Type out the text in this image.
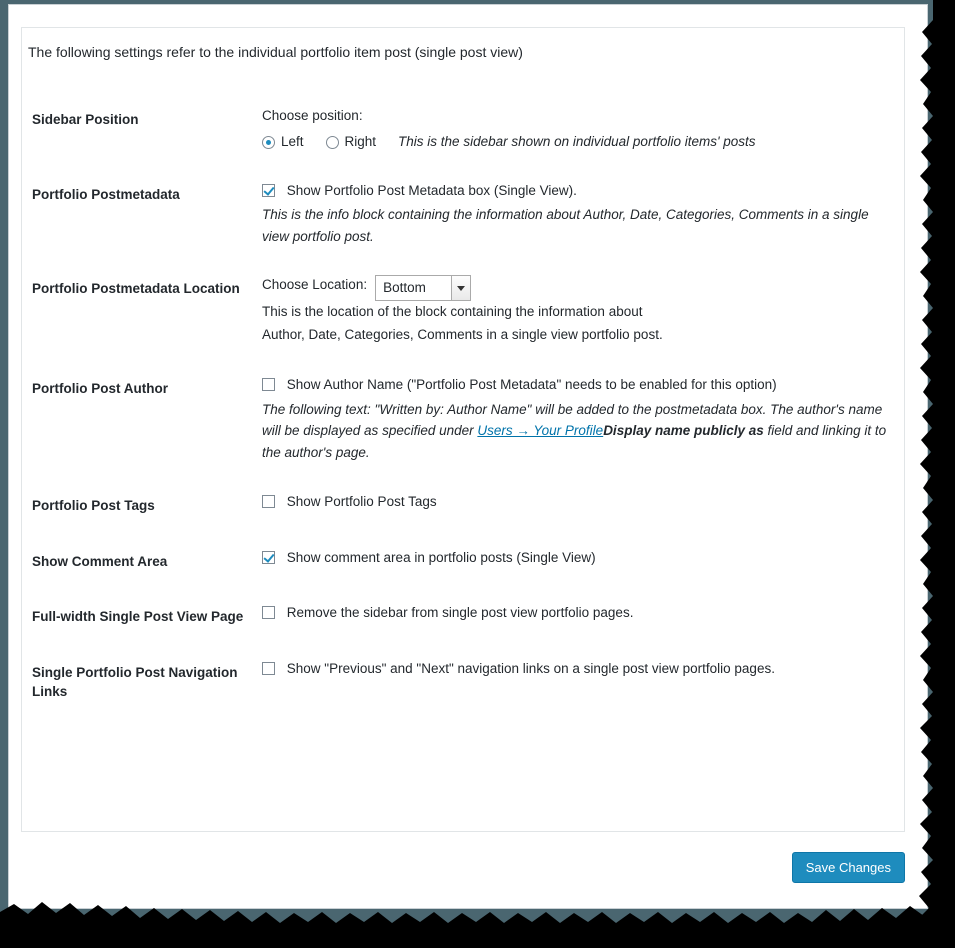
The following settings refer to the individual portfolio item post (single post view)
Sidebar Position	Choose position:
Left Right This is the sidebar shown on individual portfolio items' posts

Portfolio Postmetadata	Show Portfolio Post Metadata box (Single View).
This is the info block containing the information about Author, Date, Categories, Comments in a single view portfolio post.

Portfolio Postmetadata Location	Choose Location: Bottom
This is the location of the block containing the information about Author, Date, Categories, Comments in a single view portfolio post.

Portfolio Post Author	Show Author Name ("Portfolio Post Metadata" needs to be enabled for this option)
The following text: "Written by: Author Name" will be added to the postmetadata box. The author's name will be displayed as specified under Users → Your ProfileDisplay name publicly as field and linking it to the author's page.

Portfolio Post Tags	Show Portfolio Post Tags

Show Comment Area	Show comment area in portfolio posts (Single View)

Full-width Single Post View Page	Remove the sidebar from single post view portfolio pages.

Single Portfolio Post Navigation Links	Show "Previous" and "Next" navigation links on a single post view portfolio pages.
Save Changes
